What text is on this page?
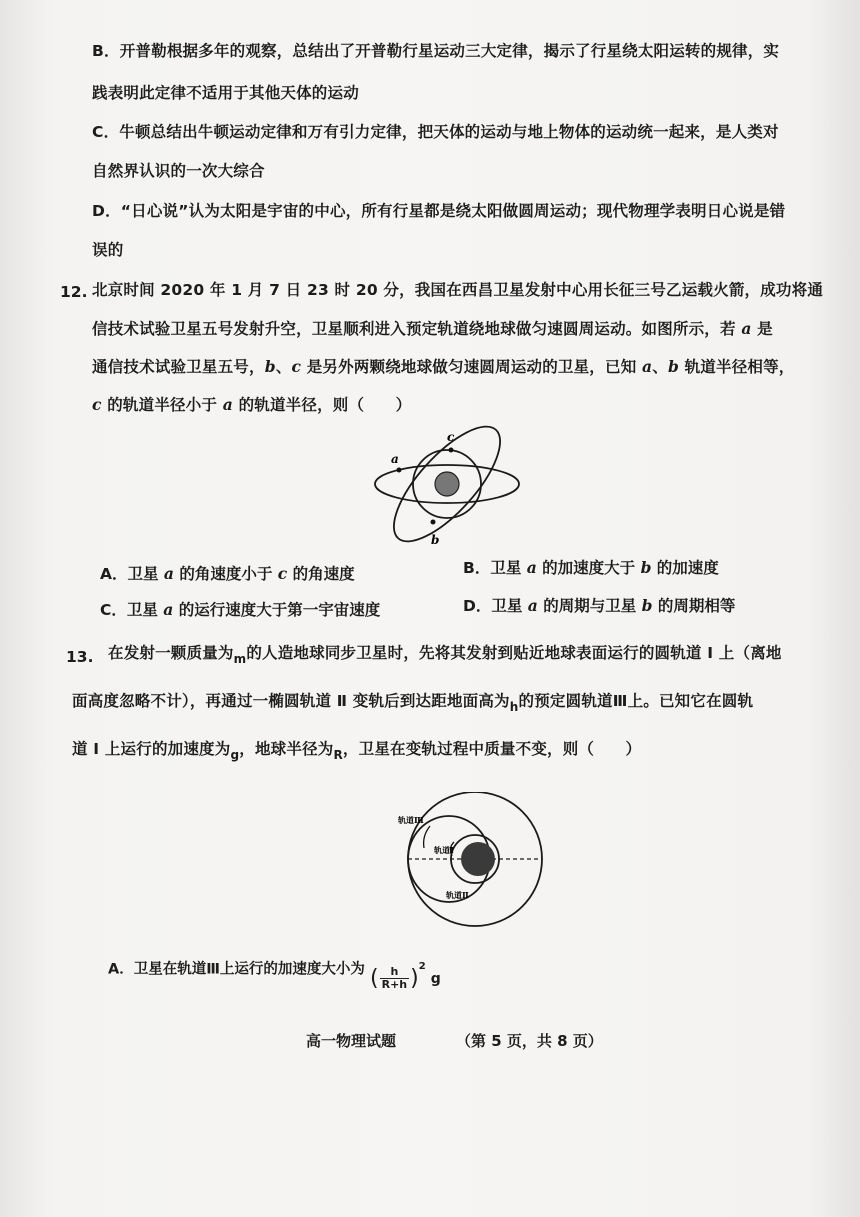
B．开普勒根据多年的观察，总结出了开普勒行星运动三大定律，揭示了行星绕太阳运转的规律，实
践表明此定律不适用于其他天体的运动
C．牛顿总结出牛顿运动定律和万有引力定律，把天体的运动与地上物体的运动统一起来，是人类对
自然界认识的一次大综合
D．“日心说”认为太阳是宇宙的中心，所有行星都是绕太阳做圆周运动；现代物理学表明日心说是错
误的
12. 北京时间 2020 年 1 月 7 日 23 时 20 分，我国在西昌卫星发射中心用长征三号乙运载火箭，成功将通
信技术试验卫星五号发射升空，卫星顺利进入预定轨道绕地球做匀速圆周运动。如图所示，若 a 是
通信技术试验卫星五号，b、c 是另外两颗绕地球做匀速圆周运动的卫星，已知 a、b 轨道半径相等，
c 的轨道半径小于 a 的轨道半径，则（　　）
a
c
b
A．卫星 a 的角速度小于 c 的角速度	B．卫星 a 的加速度大于 b 的加速度
C．卫星 a 的运行速度大于第一宇宙速度	D．卫星 a 的周期与卫星 b 的周期相等
13. 在发射一颗质量为$_m$的人造地球同步卫星时，先将其发射到贴近地球表面运行的圆轨道 Ⅰ 上（离地
面高度忽略不计），再通过一椭圆轨道 Ⅱ 变轨后到达距地面高为$_h$的预定圆轨道Ⅲ上。已知它在圆轨
道 Ⅰ 上运行的加速度为$_g$，地球半径为$_R$，卫星在变轨过程中质量不变，则（　　）
轨道Ⅲ
轨道Ⅰ
轨道Ⅱ
A．卫星在轨道Ⅲ上运行的加速度大小为 ( $\frac{h}{R+h} )^2$ g
高一物理试题	（第 5 页，共 8 页）
